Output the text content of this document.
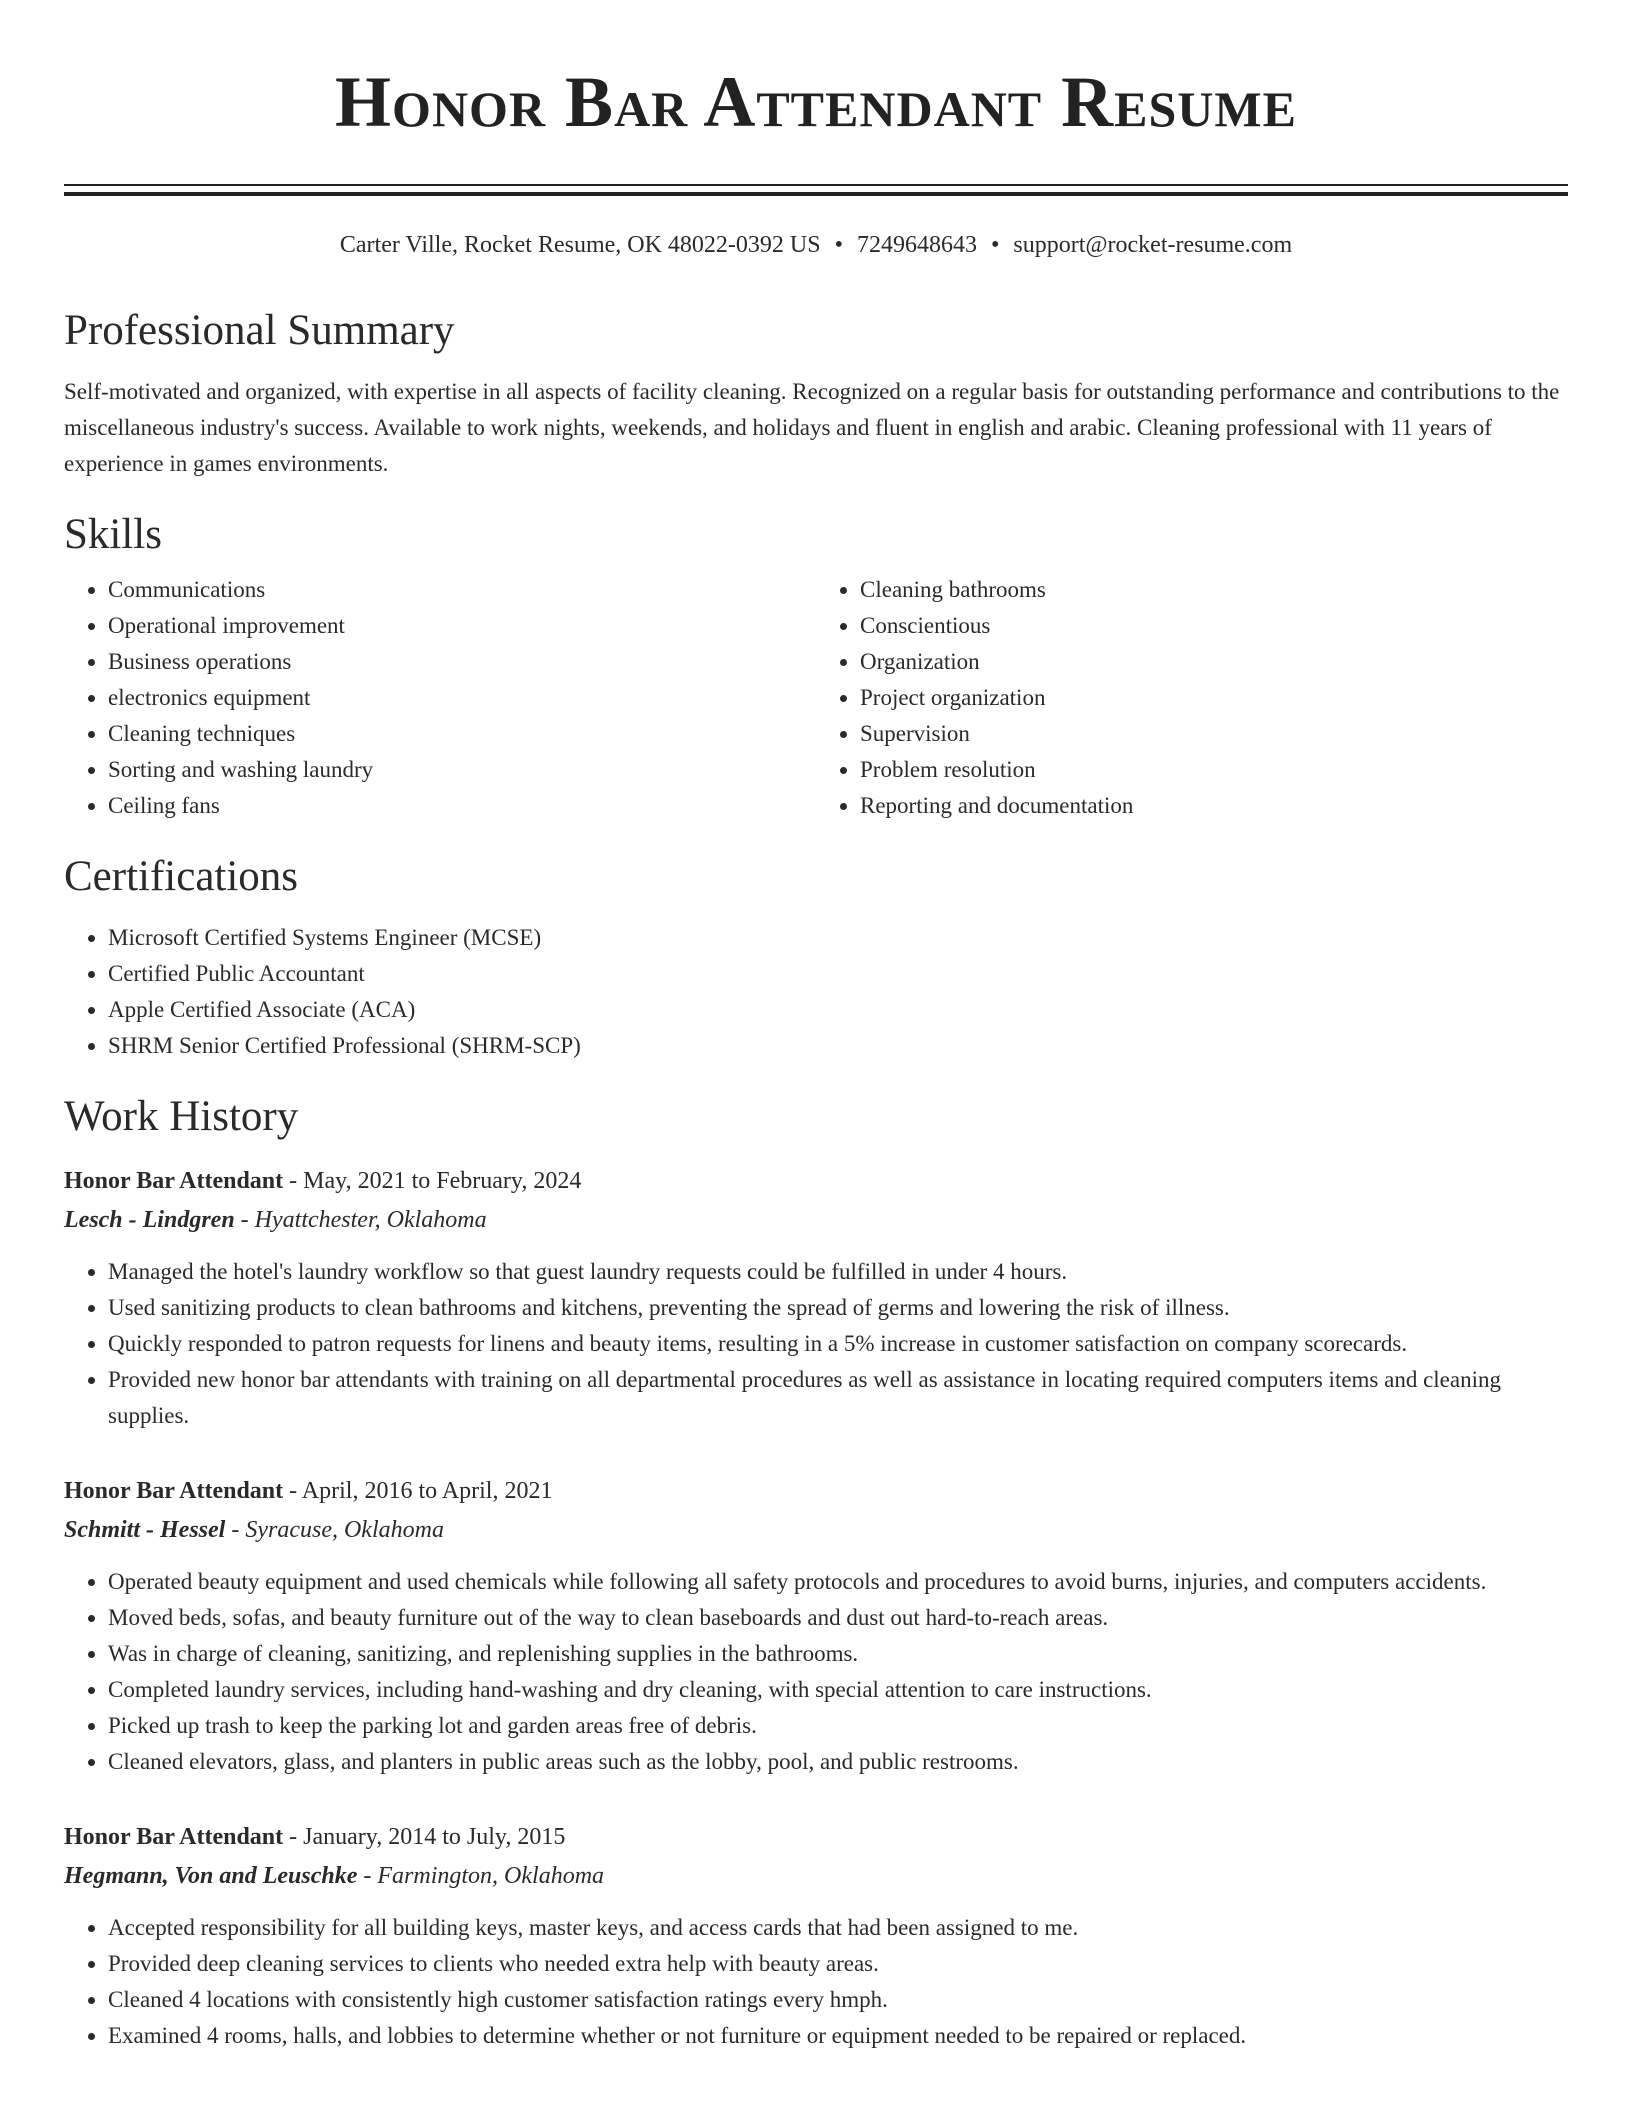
Honor Bar Attendant Resume
Carter Ville, Rocket Resume, OK 48022-0392 US • 7249648643 • support@rocket-resume.com
Professional Summary

Self-motivated and organized, with expertise in all aspects of facility cleaning. Recognized on a regular basis for outstanding performance and contributions to the miscellaneous industry's success. Available to work nights, weekends, and holidays and fluent in english and arabic. Cleaning professional with 11 years of experience in games environments.

Skills
• Communications
• Operational improvement
• Business operations
• electronics equipment
• Cleaning techniques
• Sorting and washing laundry
• Ceiling fans
• Cleaning bathrooms
• Conscientious
• Organization
• Project organization
• Supervision
• Problem resolution
• Reporting and documentation
Certifications
• Microsoft Certified Systems Engineer (MCSE)
• Certified Public Accountant
• Apple Certified Associate (ACA)
• SHRM Senior Certified Professional (SHRM-SCP)
Work History
Honor Bar Attendant - May, 2021 to February, 2024
Lesch - Lindgren - Hyattchester, Oklahoma
• Managed the hotel's laundry workflow so that guest laundry requests could be fulfilled in under 4 hours.
• Used sanitizing products to clean bathrooms and kitchens, preventing the spread of germs and lowering the risk of illness.
• Quickly responded to patron requests for linens and beauty items, resulting in a 5% increase in customer satisfaction on company scorecards.
• Provided new honor bar attendants with training on all departmental procedures as well as assistance in locating required computers items and cleaning supplies.
Honor Bar Attendant - April, 2016 to April, 2021
Schmitt - Hessel - Syracuse, Oklahoma
• Operated beauty equipment and used chemicals while following all safety protocols and procedures to avoid burns, injuries, and computers accidents.
• Moved beds, sofas, and beauty furniture out of the way to clean baseboards and dust out hard-to-reach areas.
• Was in charge of cleaning, sanitizing, and replenishing supplies in the bathrooms.
• Completed laundry services, including hand-washing and dry cleaning, with special attention to care instructions.
• Picked up trash to keep the parking lot and garden areas free of debris.
• Cleaned elevators, glass, and planters in public areas such as the lobby, pool, and public restrooms.
Honor Bar Attendant - January, 2014 to July, 2015
Hegmann, Von and Leuschke - Farmington, Oklahoma
• Accepted responsibility for all building keys, master keys, and access cards that had been assigned to me.
• Provided deep cleaning services to clients who needed extra help with beauty areas.
• Cleaned 4 locations with consistently high customer satisfaction ratings every hmph.
• Examined 4 rooms, halls, and lobbies to determine whether or not furniture or equipment needed to be repaired or replaced.
